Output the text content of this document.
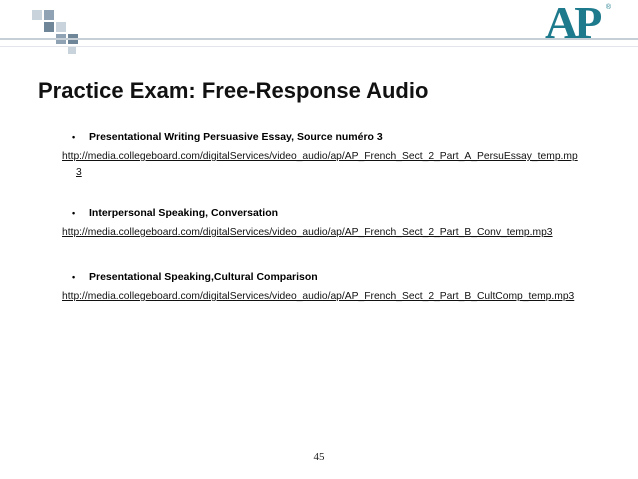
AP ®
Practice Exam: Free-Response Audio
•	Presentational Writing Persuasive Essay, Source numéro 3
http://media.collegeboard.com/digitalServices/video_audio/ap/AP_French_Sect_2_Part_A_PersuEssay_temp.mp3
•	Interpersonal Speaking, Conversation
http://media.collegeboard.com/digitalServices/video_audio/ap/AP_French_Sect_2_Part_B_Conv_temp.mp3
•	Presentational Speaking,Cultural Comparison
http://media.collegeboard.com/digitalServices/video_audio/ap/AP_French_Sect_2_Part_B_CultComp_temp.mp3
45
